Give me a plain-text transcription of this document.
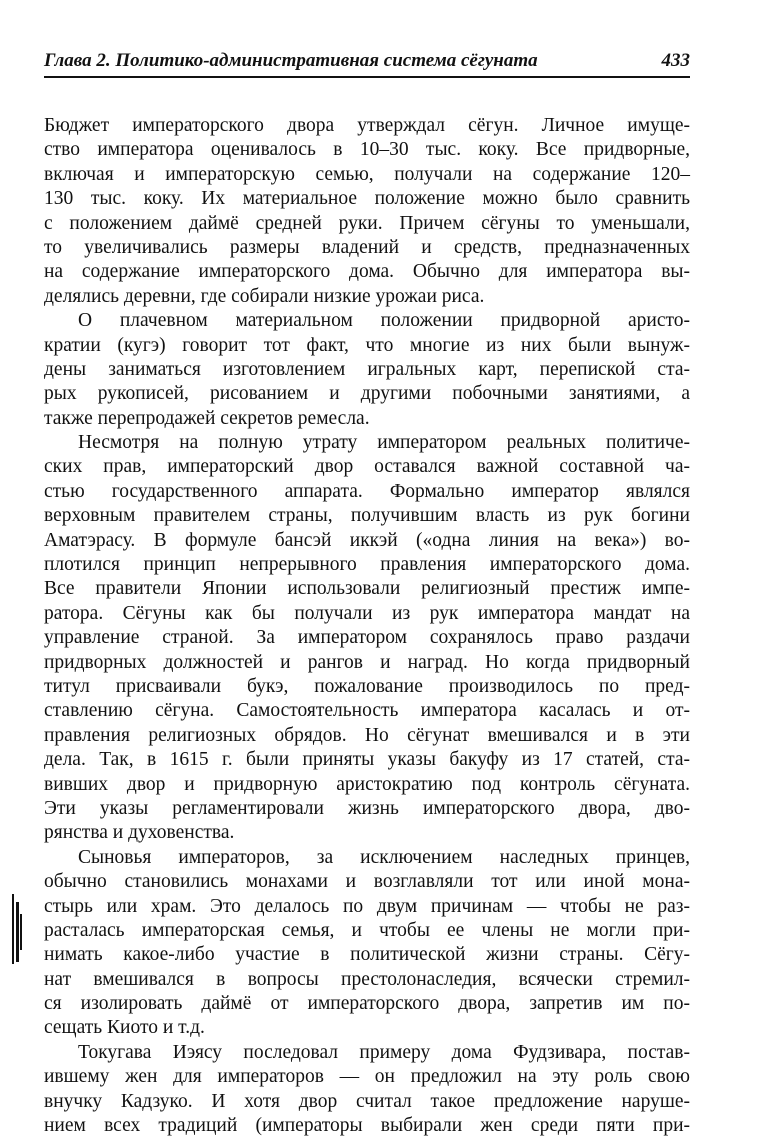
Глава 2. Политико-административная система сёгуната	433
Бюджет императорского двора утверждал сёгун. Личное имуще-
ство императора оценивалось в 10–30 тыс. коку. Все придворные,
включая и императорскую семью, получали на содержание 120–
130 тыс. коку. Их материальное положение можно было сравнить
с положением даймё средней руки. Причем сёгуны то уменьшали,
то увеличивались размеры владений и средств, предназначенных
на содержание императорского дома. Обычно для императора вы-
делялись деревни, где собирали низкие урожаи риса.
О плачевном материальном положении придворной аристо-
кратии (кугэ) говорит тот факт, что многие из них были вынуж-
дены заниматься изготовлением игральных карт, перепиской ста-
рых рукописей, рисованием и другими побочными занятиями, а
также перепродажей секретов ремесла.
Несмотря на полную утрату императором реальных политиче-
ских прав, императорский двор оставался важной составной ча-
стью государственного аппарата. Формально император являлся
верховным правителем страны, получившим власть из рук богини
Аматэрасу. В формуле бансэй иккэй («одна линия на века») во-
плотился принцип непрерывного правления императорского дома.
Все правители Японии использовали религиозный престиж импе-
ратора. Сёгуны как бы получали из рук императора мандат на
управление страной. За императором сохранялось право раздачи
придворных должностей и рангов и наград. Но когда придворный
титул присваивали букэ, пожалование производилось по пред-
ставлению сёгуна. Самостоятельность императора касалась и от-
правления религиозных обрядов. Но сёгунат вмешивался и в эти
дела. Так, в 1615 г. были приняты указы бакуфу из 17 статей, ста-
вивших двор и придворную аристократию под контроль сёгуната.
Эти указы регламентировали жизнь императорского двора, дво-
рянства и духовенства.
Сыновья императоров, за исключением наследных принцев,
обычно становились монахами и возглавляли тот или иной мона-
стырь или храм. Это делалось по двум причинам — чтобы не раз-
расталась императорская семья, и чтобы ее члены не могли при-
нимать какое-либо участие в политической жизни страны. Сёгу-
нат вмешивался в вопросы престолонаследия, всячески стремил-
ся изолировать даймё от императорского двора, запретив им по-
сещать Киото и т.д.
Токугава Иэясу последовал примеру дома Фудзивара, постав-
ившему жен для императоров — он предложил на эту роль свою
внучку Кадзуко. И хотя двор считал такое предложение наруше-
нием всех традиций (императоры выбирали жен среди пяти при-
